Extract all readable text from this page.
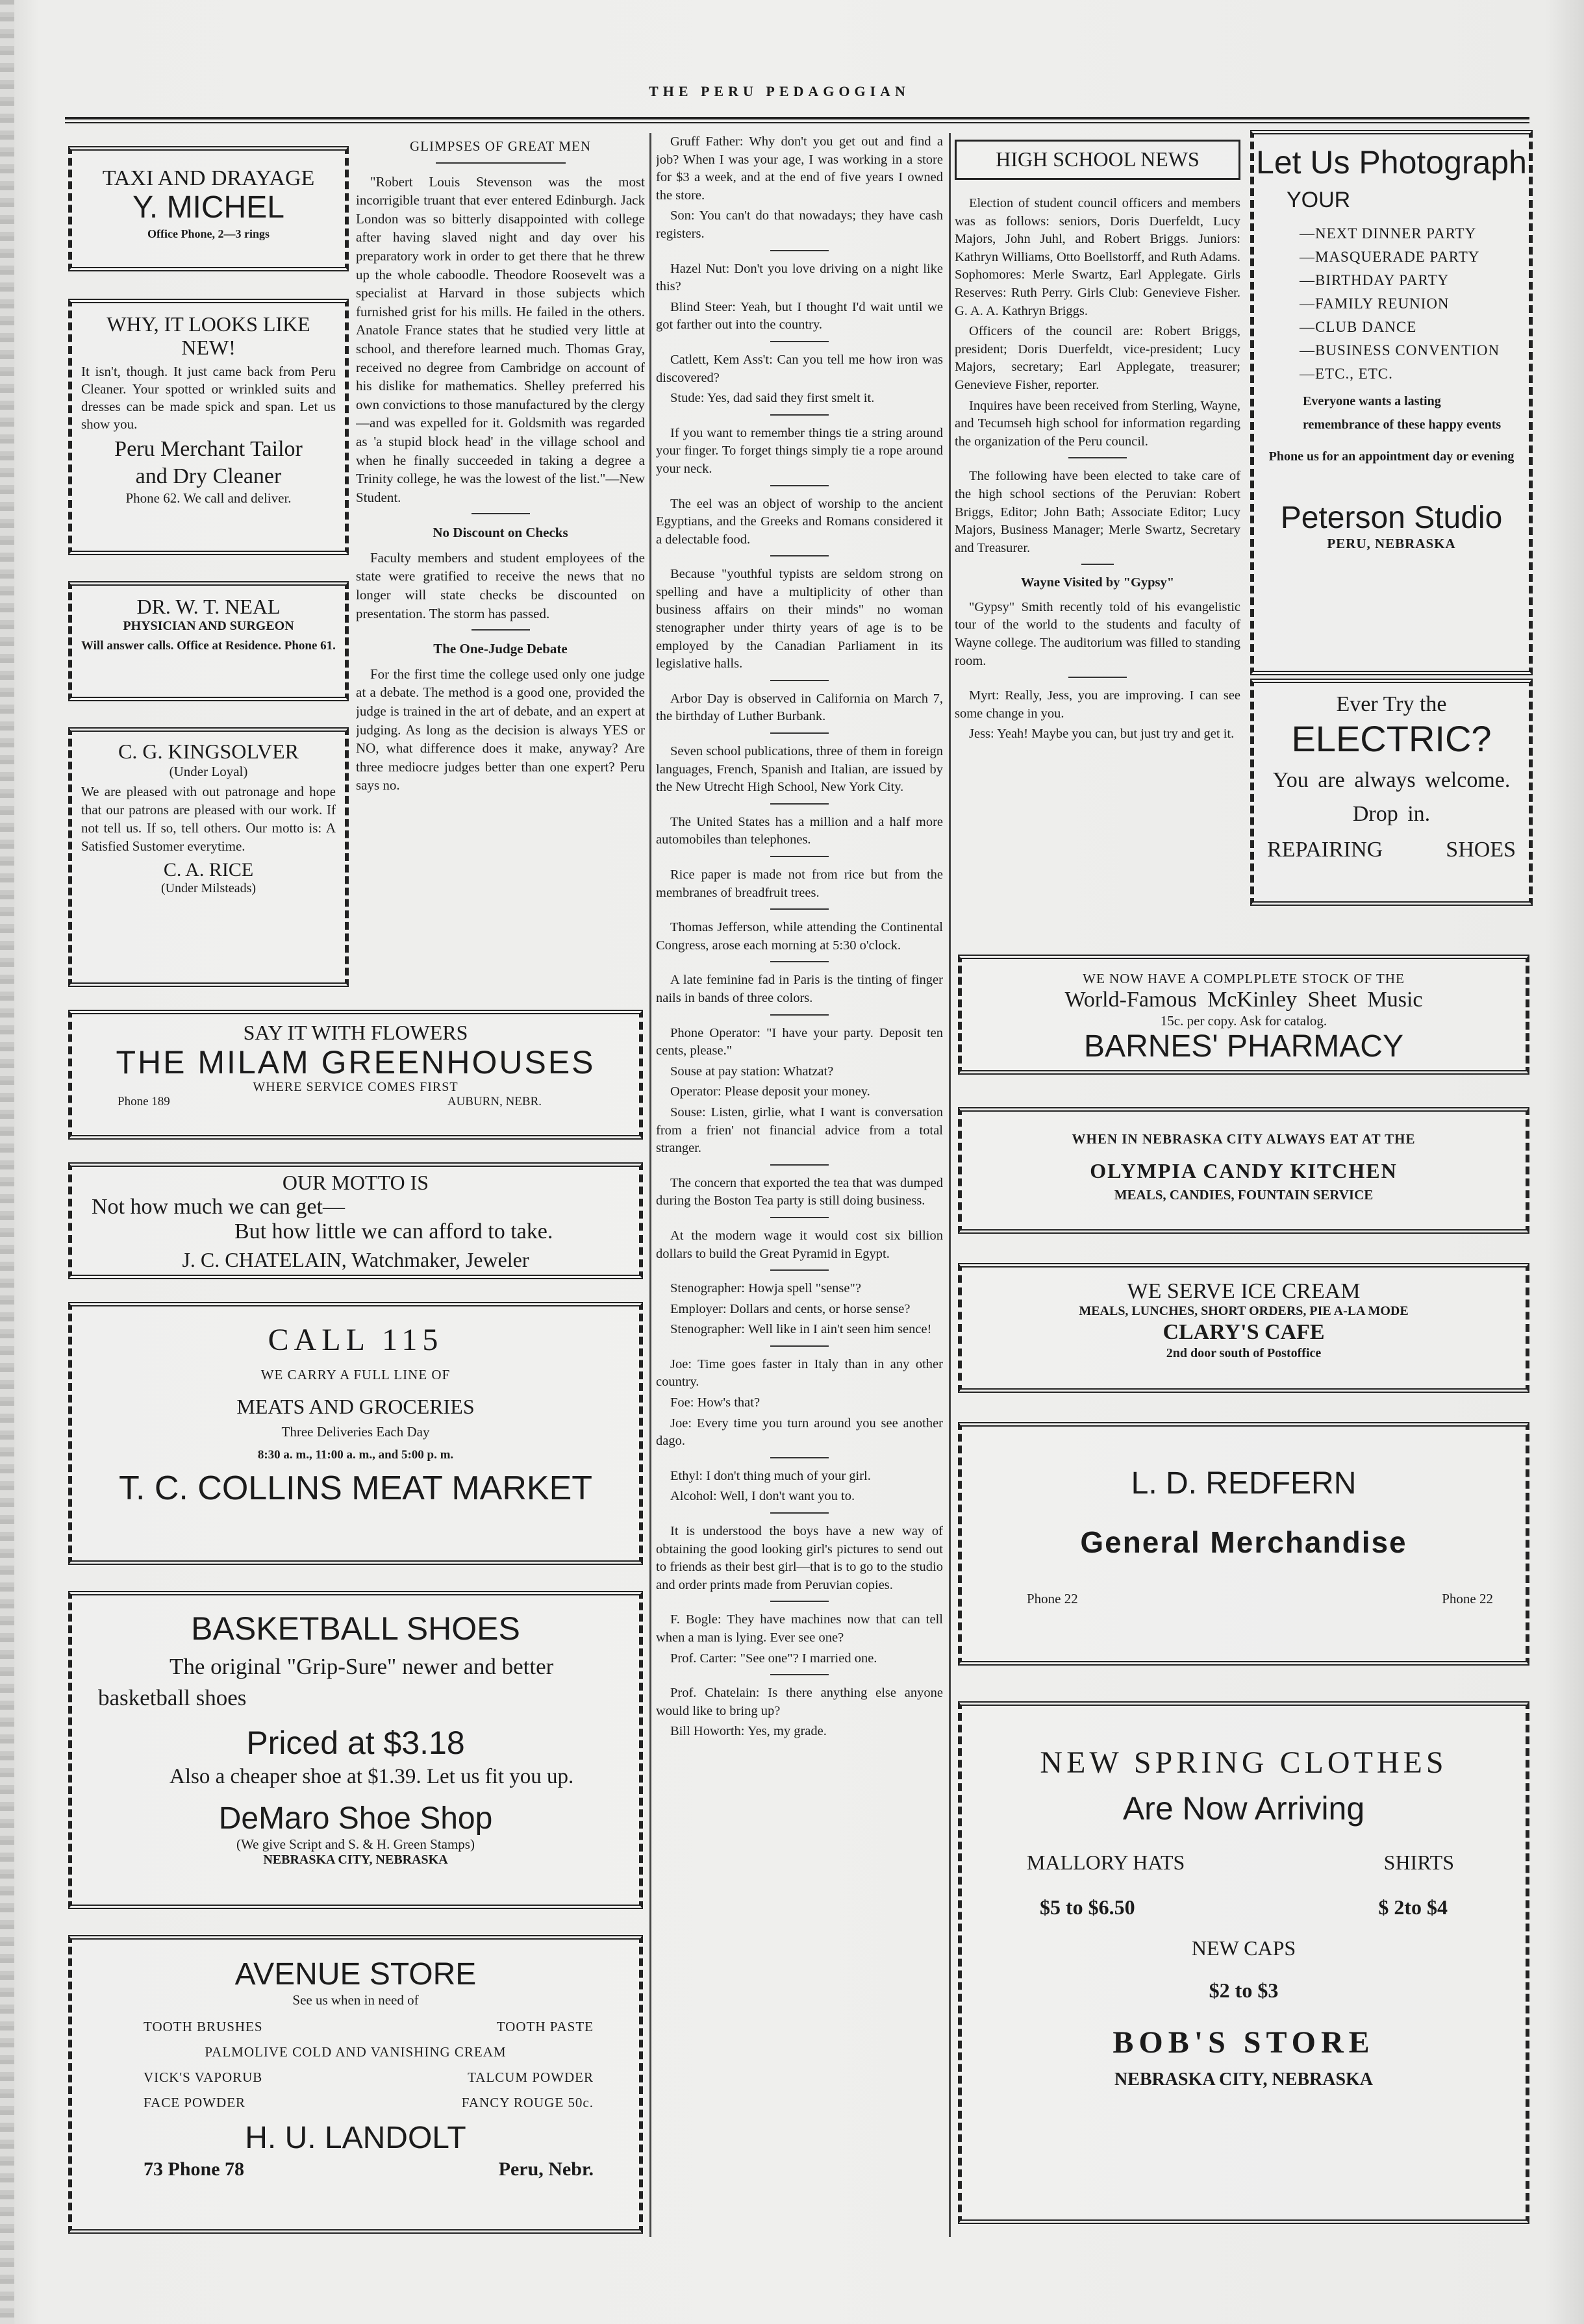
THE PERU PEDAGOGIAN
TAXI AND DRAYAGE
Y. MICHEL
Office Phone, 2—3 rings
WHY, IT LOOKS LIKE NEW!
It isn't, though. It just came back from Peru Cleaner. Your spotted or wrinkled suits and dresses can be made spick and span. Let us show you.
Peru Merchant Tailor
and Dry Cleaner
Phone 62. We call and deliver.
DR. W. T. NEAL
PHYSICIAN AND SURGEON
Will answer calls. Office at Residence. Phone 61.
C. G. KINGSOLVER
(Under Loyal)
We are pleased with out patronage and hope that our patrons are pleased with our work. If not tell us. If so, tell others. Our motto is: A Satisfied Sustomer everytime.
C. A. RICE
(Under Milsteads)
SAY IT WITH FLOWERS
THE MILAM GREENHOUSES
WHERE SERVICE COMES FIRST
Phone 189	AUBURN, NEBR.
OUR MOTTO IS
Not how much we can get—
But how little we can afford to take.
J. C. CHATELAIN, Watchmaker, Jeweler
CALL 115
WE CARRY A FULL LINE OF
MEATS AND GROCERIES
Three Deliveries Each Day
8:30 a. m., 11:00 a. m., and 5:00 p. m.
T. C. COLLINS MEAT MARKET
BASKETBALL SHOES
The original "Grip-Sure" newer and better basketball shoes
Priced at $3.18
Also a cheaper shoe at $1.39. Let us fit you up.
DeMaro Shoe Shop
(We give Script and S. & H. Green Stamps)
NEBRASKA CITY, NEBRASKA
AVENUE STORE
See us when in need of
TOOTH BRUSHES	TOOTH PASTE
PALMOLIVE COLD AND VANISHING CREAM
VICK'S VAPORUB	TALCUM POWDER
FACE POWDER	FANCY ROUGE 50c.
H. U. LANDOLT
73 Phone 78	Peru, Nebr.
GLIMPSES OF GREAT MEN

"Robert Louis Stevenson was the most incorrigible truant that ever entered Edinburgh. Jack London was so bitterly disappointed with college after having slaved night and day over his preparatory work in order to get there that he threw up the whole caboodle. Theodore Roosevelt was a specialist at Harvard in those subjects which furnished grist for his mills. He failed in the others. Anatole France states that he studied very little at school, and therefore learned much. Thomas Gray, received no degree from Cambridge on account of his dislike for mathematics. Shelley preferred his own convictions to those manufactured by the clergy —and was expelled for it. Goldsmith was regarded as 'a stupid block head' in the village school and when he finally succeeded in taking a degree a Trinity college, he was the lowest of the list."—New Student.

No Discount on Checks

Faculty members and student employees of the state were gratified to receive the news that no longer will state checks be discounted on presentation. The storm has passed.

The One-Judge Debate

For the first time the college used only one judge at a debate. The method is a good one, provided the judge is trained in the art of debate, and an expert at judging. As long as the decision is always YES or NO, what difference does it make, anyway? Are three mediocre judges better than one expert? Peru says no.

Gruff Father: Why don't you get out and find a job? When I was your age, I was working in a store for $3 a week, and at the end of five years I owned the store.

Son: You can't do that nowadays; they have cash registers.

Hazel Nut: Don't you love driving on a night like this?

Blind Steer: Yeah, but I thought I'd wait until we got farther out into the country.

Catlett, Kem Ass't: Can you tell me how iron was discovered?

Stude: Yes, dad said they first smelt it.

If you want to remember things tie a string around your finger. To forget things simply tie a rope around your neck.

The eel was an object of worship to the ancient Egyptians, and the Greeks and Romans considered it a delectable food.

Because "youthful typists are seldom strong on spelling and have a multiplicity of other than business affairs on their minds" no woman stenographer under thirty years of age is to be employed by the Canadian Parliament in its legislative halls.

Arbor Day is observed in California on March 7, the birthday of Luther Burbank.

Seven school publications, three of them in foreign languages, French, Spanish and Italian, are issued by the New Utrecht High School, New York City.

The United States has a million and a half more automobiles than telephones.

Rice paper is made not from rice but from the membranes of breadfruit trees.

Thomas Jefferson, while attending the Continental Congress, arose each morning at 5:30 o'clock.

A late feminine fad in Paris is the tinting of finger nails in bands of three colors.

Phone Operator: "I have your party. Deposit ten cents, please."

Souse at pay station: Whatzat?

Operator: Please deposit your money.

Souse: Listen, girlie, what I want is conversation from a frien' not financial advice from a total stranger.

The concern that exported the tea that was dumped during the Boston Tea party is still doing business.

At the modern wage it would cost six billion dollars to build the Great Pyramid in Egypt.

Stenographer: Howja spell "sense"?

Employer: Dollars and cents, or horse sense?

Stenographer: Well like in I ain't seen him sence!

Joe: Time goes faster in Italy than in any other country.

Foe: How's that?

Joe: Every time you turn around you see another dago.

Ethyl: I don't thing much of your girl.

Alcohol: Well, I don't want you to.

It is understood the boys have a new way of obtaining the good looking girl's pictures to send out to friends as their best girl—that is to go to the studio and order prints made from Peruvian copies.

F. Bogle: They have machines now that can tell when a man is lying. Ever see one?

Prof. Carter: "See one"? I married one.

Prof. Chatelain: Is there anything else anyone would like to bring up?

Bill Howorth: Yes, my grade.

HIGH SCHOOL NEWS

Election of student council officers and members was as follows: seniors, Doris Duerfeldt, Lucy Majors, John Juhl, and Robert Briggs. Juniors: Kathryn Williams, Otto Boellstorff, and Ruth Adams. Sophomores: Merle Swartz, Earl Applegate. Girls Reserves: Ruth Perry. Girls Club: Genevieve Fisher. G. A. A. Kathryn Briggs.

Officers of the council are: Robert Briggs, president; Doris Duerfeldt, vice-president; Lucy Majors, secretary; Earl Applegate, treasurer; Genevieve Fisher, reporter.

Inquires have been received from Sterling, Wayne, and Tecumseh high school for information regarding the organization of the Peru council.

The following have been elected to take care of the high school sections of the Peruvian: Robert Briggs, Editor; John Bath; Associate Editor; Lucy Majors, Business Manager; Merle Swartz, Secretary and Treasurer.

Wayne Visited by "Gypsy"

"Gypsy" Smith recently told of his evangelistic tour of the world to the students and faculty of Wayne college. The auditorium was filled to standing room.

Myrt: Really, Jess, you are improving. I can see some change in you.

Jess: Yeah! Maybe you can, but just try and get it.

Let Us Photograph
YOUR
—NEXT DINNER PARTY
—MASQUERADE PARTY
—BIRTHDAY PARTY
—FAMILY REUNION
—CLUB DANCE
—BUSINESS CONVENTION
—ETC., ETC.
Everyone wants a lasting remembrance of these happy events
Phone us for an appointment day or evening
Peterson Studio
PERU, NEBRASKA
Ever Try the
ELECTRIC?
You are always welcome. Drop in.
REPAIRING	SHOES
WE NOW HAVE A COMPLPLETE STOCK OF THE
World-Famous McKinley Sheet Music
15c. per copy. Ask for catalog.
BARNES' PHARMACY
WHEN IN NEBRASKA CITY ALWAYS EAT AT THE
OLYMPIA CANDY KITCHEN
MEALS, CANDIES, FOUNTAIN SERVICE
WE SERVE ICE CREAM
MEALS, LUNCHES, SHORT ORDERS, PIE A-LA MODE
CLARY'S CAFE
2nd door south of Postoffice
L. D. REDFERN
General Merchandise
Phone 22	Phone 22
NEW SPRING CLOTHES
Are Now Arriving
MALLORY HATS	SHIRTS
$5 to $6.50	$ 2to $4
NEW CAPS
$2 to $3
BOB'S STORE
NEBRASKA CITY, NEBRASKA
